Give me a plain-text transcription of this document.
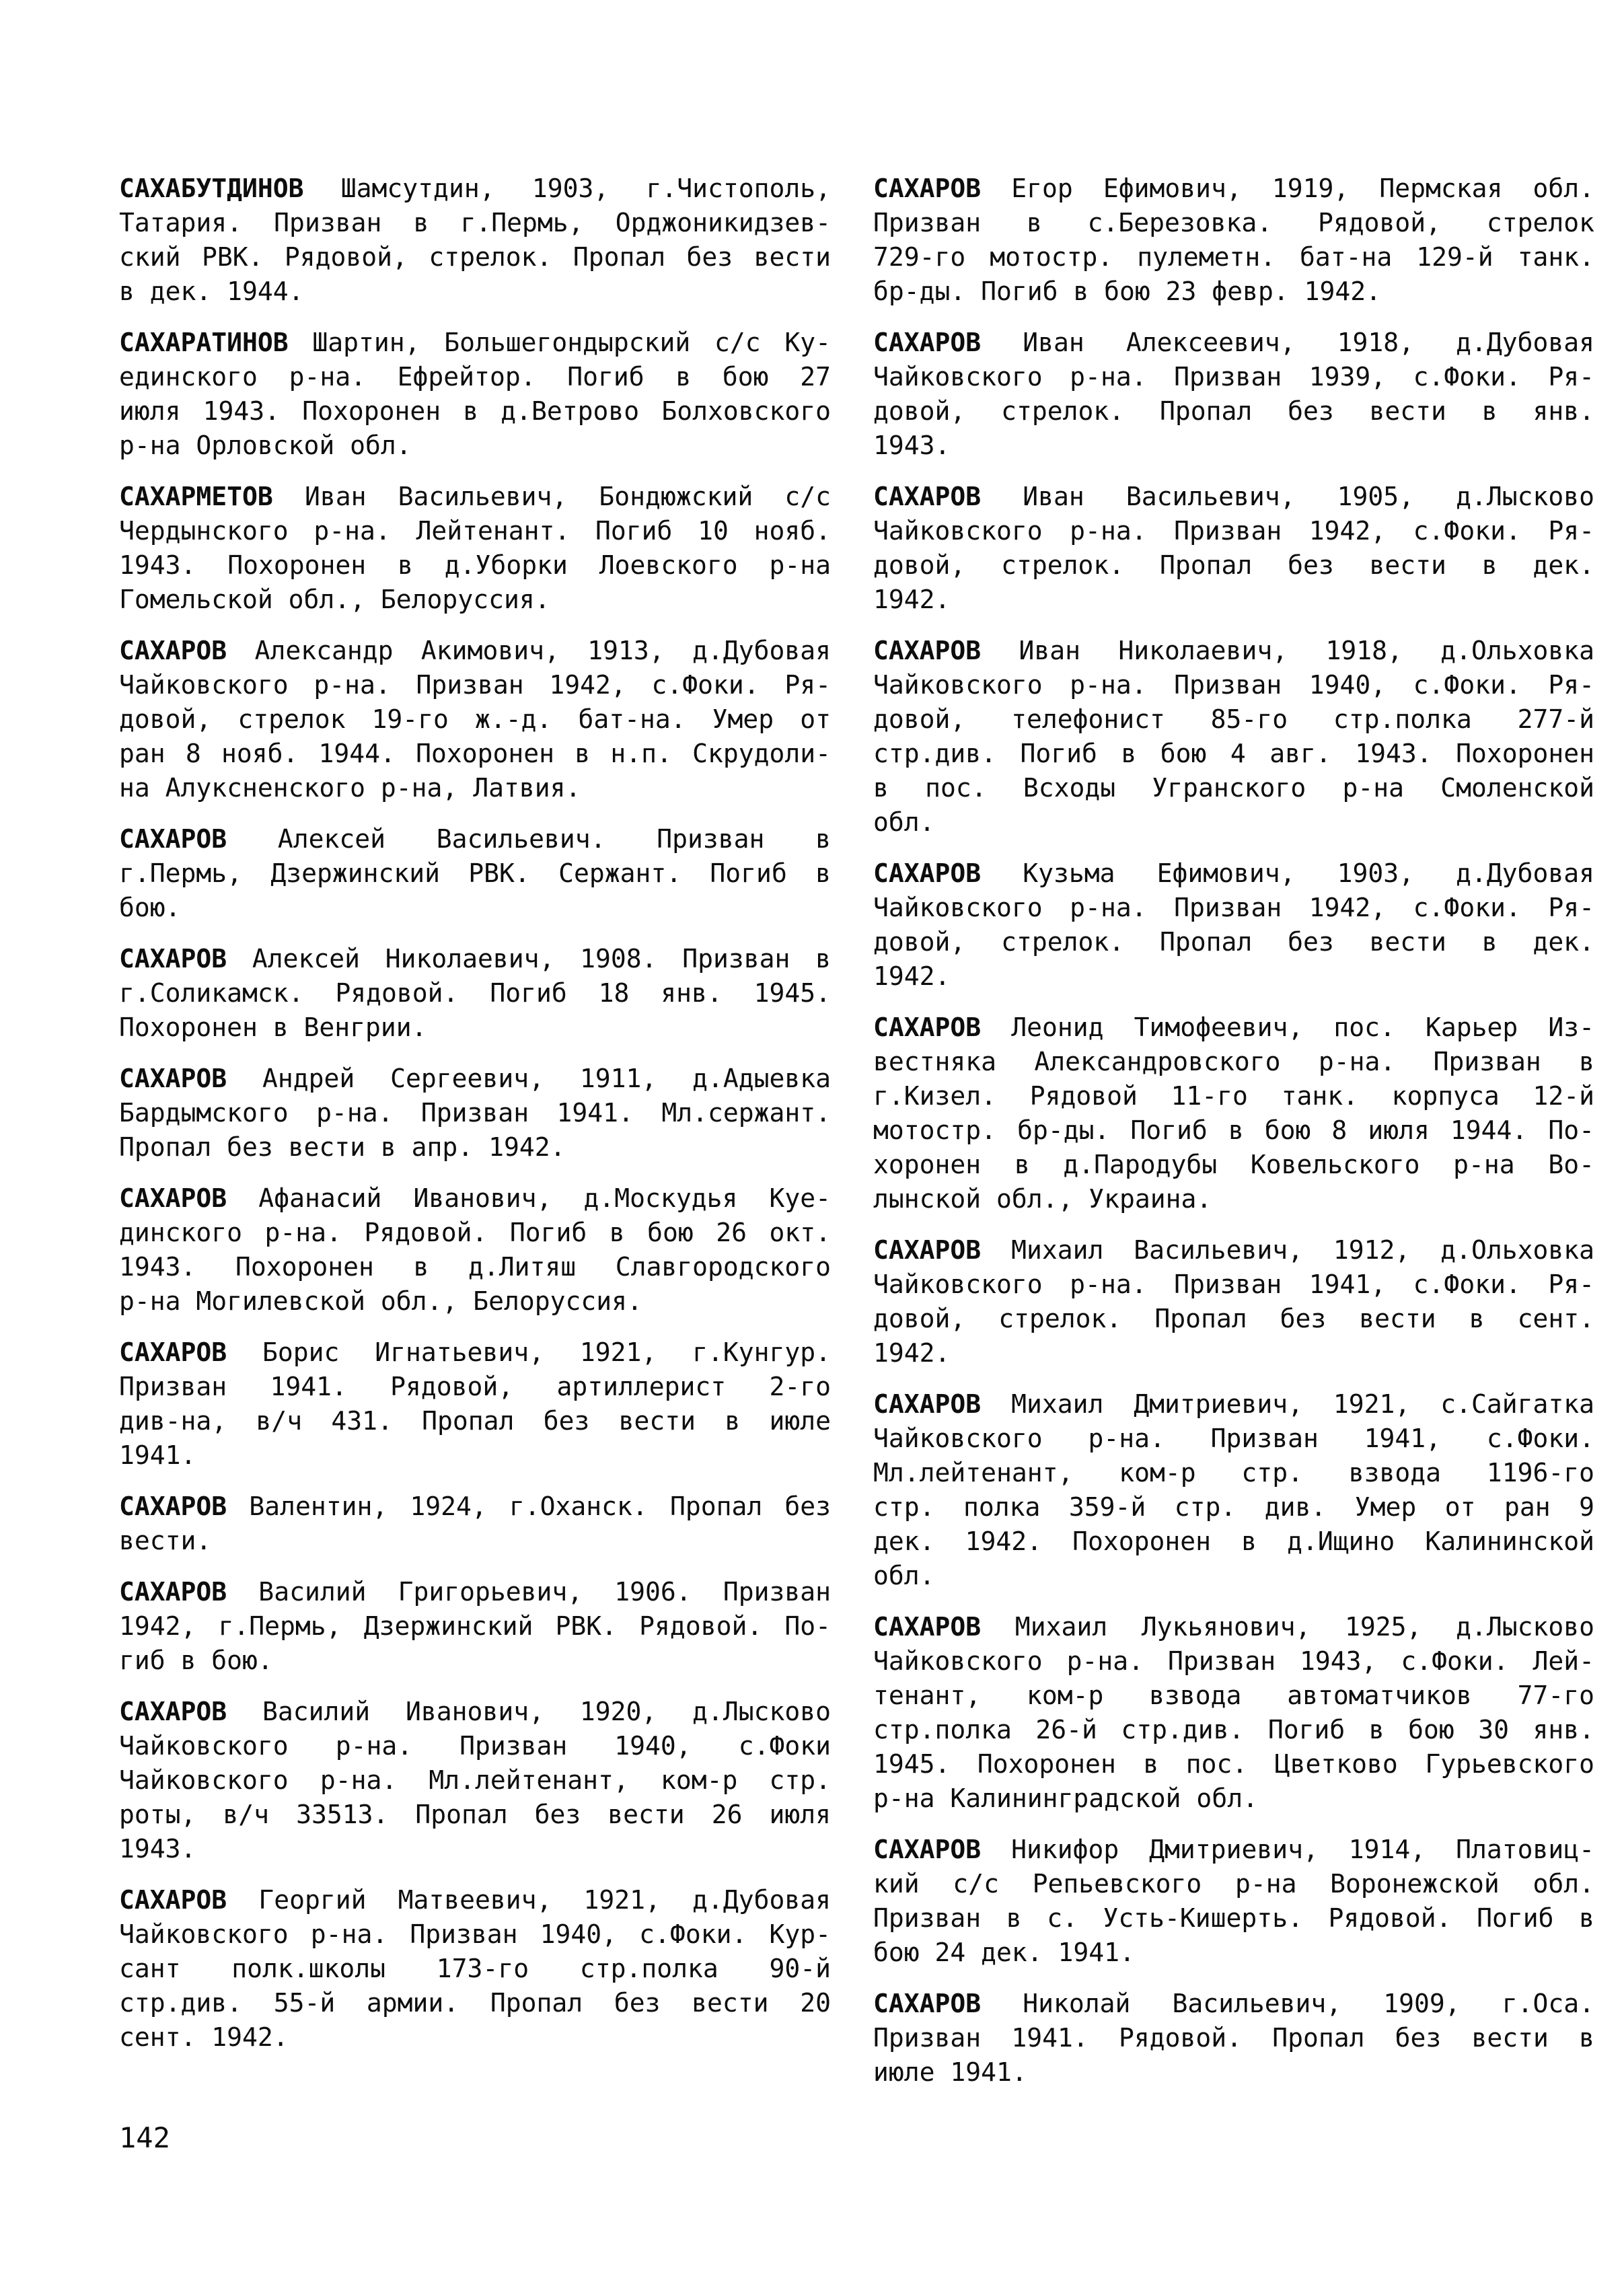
САХАБУТДИНОВ Шамсутдин, 1903, г.Чистополь,
Татария. Призван в г.Пермь, Орджоникидзев-
ский РВК. Рядовой, стрелок. Пропал без вести
в дек. 1944.
САХАРАТИНОВ Шартин, Большегондырский с/с Ку-
единского р-на. Ефрейтор. Погиб в бою 27
июля 1943. Похоронен в д.Ветрово Болховского
р-на Орловской обл.
САХАРМЕТОВ Иван Васильевич, Бондюжский с/с
Чердынского р-на. Лейтенант. Погиб 10 нояб.
1943. Похоронен в д.Уборки Лоевского р-на
Гомельской обл., Белоруссия.
САХАРОВ Александр Акимович, 1913, д.Дубовая
Чайковского р-на. Призван 1942, с.Фоки. Ря-
довой, стрелок 19-го ж.-д. бат-на. Умер от
ран 8 нояб. 1944. Похоронен в н.п. Скрудоли-
на Алуксненского р-на, Латвия.
САХАРОВ Алексей Васильевич. Призван в
г.Пермь, Дзержинский РВК. Сержант. Погиб в
бою.
САХАРОВ Алексей Николаевич, 1908. Призван в
г.Соликамск. Рядовой. Погиб 18 янв. 1945.
Похоронен в Венгрии.
САХАРОВ Андрей Сергеевич, 1911, д.Адыевка
Бардымского р-на. Призван 1941. Мл.сержант.
Пропал без вести в апр. 1942.
САХАРОВ Афанасий Иванович, д.Москудья Куе-
динского р-на. Рядовой. Погиб в бою 26 окт.
1943. Похоронен в д.Литяш Славгородского
р-на Могилевской обл., Белоруссия.
САХАРОВ Борис Игнатьевич, 1921, г.Кунгур.
Призван 1941. Рядовой, артиллерист 2-го
див-на, в/ч 431. Пропал без вести в июле
1941.
САХАРОВ Валентин, 1924, г.Оханск. Пропал без
вести.
САХАРОВ Василий Григорьевич, 1906. Призван
1942, г.Пермь, Дзержинский РВК. Рядовой. По-
гиб в бою.
САХАРОВ Василий Иванович, 1920, д.Лысково
Чайковского р-на. Призван 1940, с.Фоки
Чайковского р-на. Мл.лейтенант, ком-р стр.
роты, в/ч 33513. Пропал без вести 26 июля
1943.
САХАРОВ Георгий Матвеевич, 1921, д.Дубовая
Чайковского р-на. Призван 1940, с.Фоки. Кур-
сант полк.школы 173-го стр.полка 90-й
стр.див. 55-й армии. Пропал без вести 20
сент. 1942.
САХАРОВ Егор Ефимович, 1919, Пермская обл.
Призван в с.Березовка. Рядовой, стрелок
729-го мотостр. пулеметн. бат-на 129-й танк.
бр-ды. Погиб в бою 23 февр. 1942.
САХАРОВ Иван Алексеевич, 1918, д.Дубовая
Чайковского р-на. Призван 1939, с.Фоки. Ря-
довой, стрелок. Пропал без вести в янв.
1943.
САХАРОВ Иван Васильевич, 1905, д.Лысково
Чайковского р-на. Призван 1942, с.Фоки. Ря-
довой, стрелок. Пропал без вести в дек.
1942.
САХАРОВ Иван Николаевич, 1918, д.Ольховка
Чайковского р-на. Призван 1940, с.Фоки. Ря-
довой, телефонист 85-го стр.полка 277-й
стр.див. Погиб в бою 4 авг. 1943. Похоронен
в пос. Всходы Угранского р-на Смоленской
обл.
САХАРОВ Кузьма Ефимович, 1903, д.Дубовая
Чайковского р-на. Призван 1942, с.Фоки. Ря-
довой, стрелок. Пропал без вести в дек.
1942.
САХАРОВ Леонид Тимофеевич, пос. Карьер Из-
вестняка Александровского р-на. Призван в
г.Кизел. Рядовой 11-го танк. корпуса 12-й
мотостр. бр-ды. Погиб в бою 8 июля 1944. По-
хоронен в д.Пародубы Ковельского р-на Во-
лынской обл., Украина.
САХАРОВ Михаил Васильевич, 1912, д.Ольховка
Чайковского р-на. Призван 1941, с.Фоки. Ря-
довой, стрелок. Пропал без вести в сент.
1942.
САХАРОВ Михаил Дмитриевич, 1921, с.Сайгатка
Чайковского р-на. Призван 1941, с.Фоки.
Мл.лейтенант, ком-р стр. взвода 1196-го
стр. полка 359-й стр. див. Умер от ран 9
дек. 1942. Похоронен в д.Ищино Калининской
обл.
САХАРОВ Михаил Лукьянович, 1925, д.Лысково
Чайковского р-на. Призван 1943, с.Фоки. Лей-
тенант, ком-р взвода автоматчиков 77-го
стр.полка 26-й стр.див. Погиб в бою 30 янв.
1945. Похоронен в пос. Цветково Гурьевского
р-на Калининградской обл.
САХАРОВ Никифор Дмитриевич, 1914, Платовиц-
кий с/с Репьевского р-на Воронежской обл.
Призван в с. Усть-Кишерть. Рядовой. Погиб в
бою 24 дек. 1941.
САХАРОВ Николай Васильевич, 1909, г.Оса.
Призван 1941. Рядовой. Пропал без вести в
июле 1941.
142
